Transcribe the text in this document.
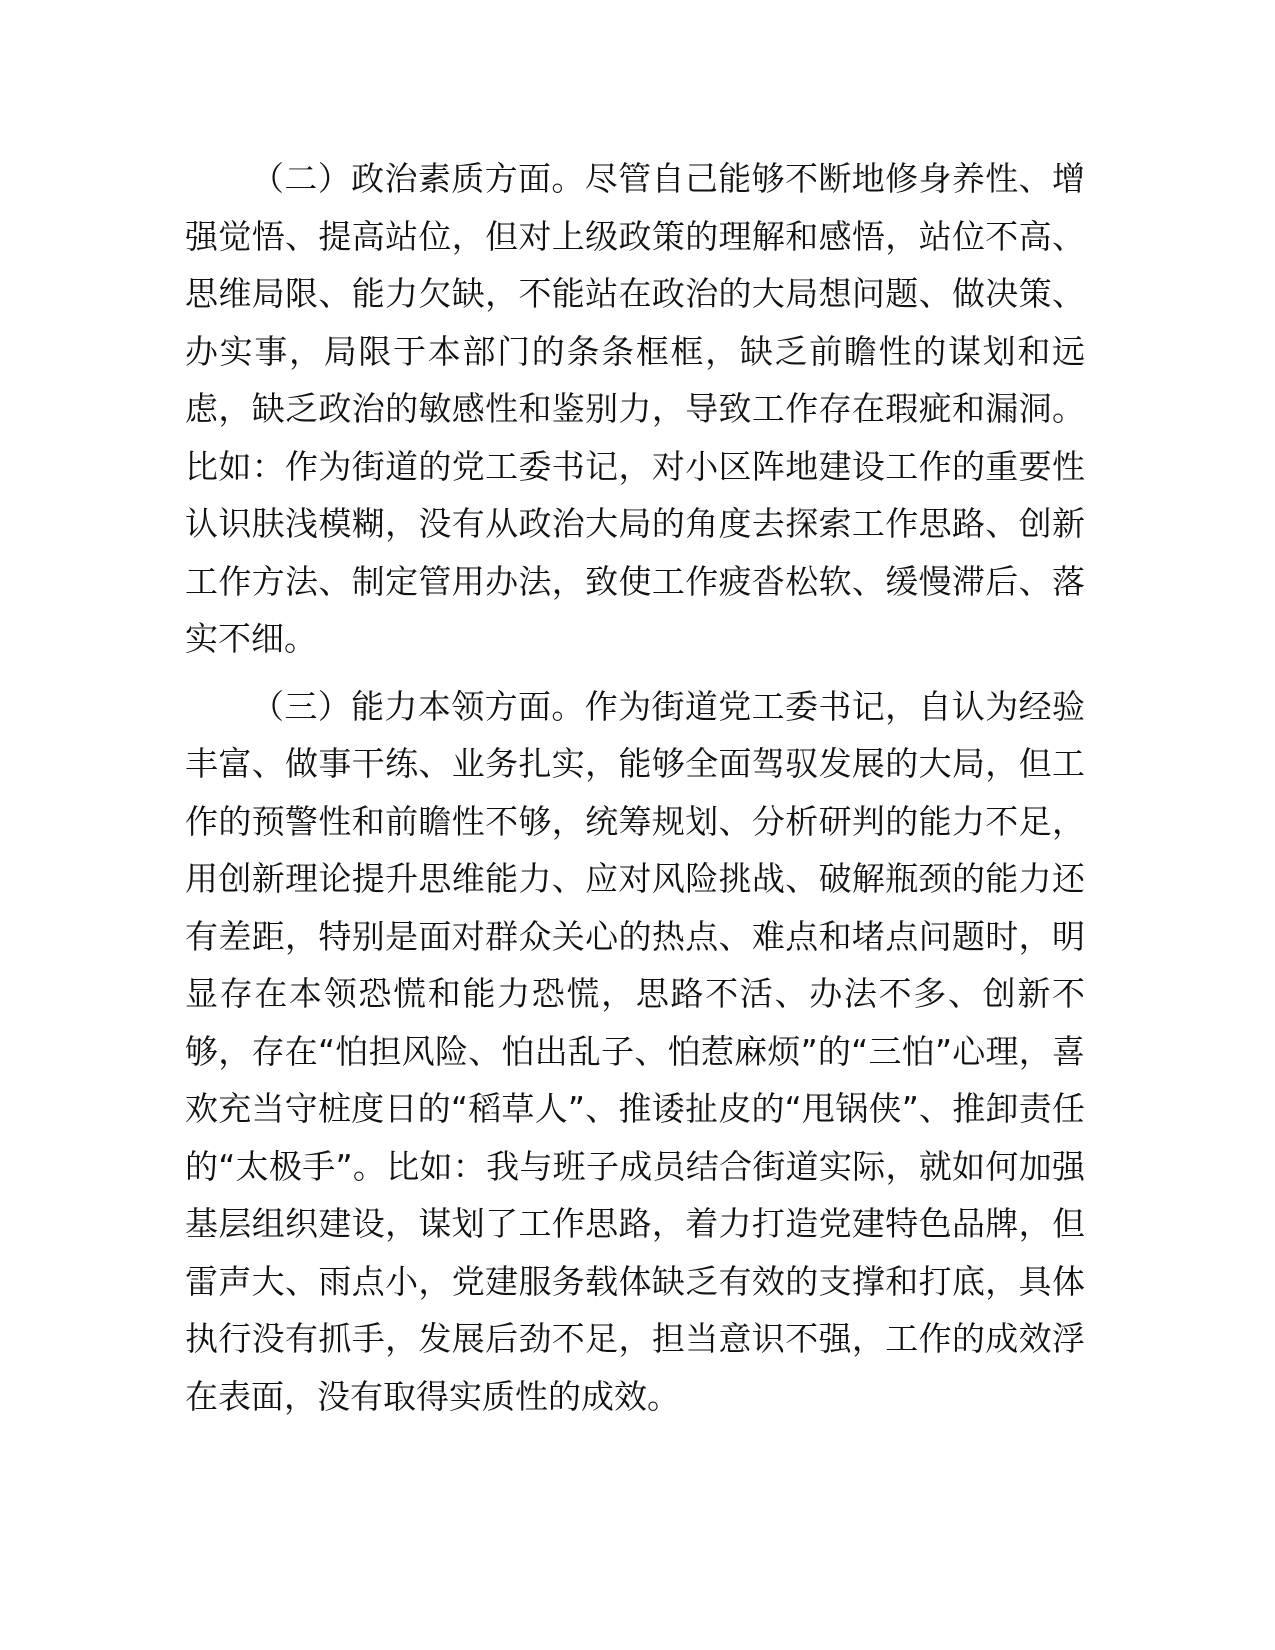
（二）政治素质方面。尽管自己能够不断地修身养性、增强觉悟、提高站位，但对上级政策的理解和感悟，站位不高、思维局限、能力欠缺，不能站在政治的大局想问题、做决策、办实事，局限于本部门的条条框框，缺乏前瞻性的谋划和远虑，缺乏政治的敏感性和鉴别力，导致工作存在瑕疵和漏洞。比如：作为街道的党工委书记，对小区阵地建设工作的重要性认识肤浅模糊，没有从政治大局的角度去探索工作思路、创新工作方法、制定管用办法，致使工作疲沓松软、缓慢滞后、落实不细。

（三）能力本领方面。作为街道党工委书记，自认为经验丰富、做事干练、业务扎实，能够全面驾驭发展的大局，但工作的预警性和前瞻性不够，统筹规划、分析研判的能力不足，用创新理论提升思维能力、应对风险挑战、破解瓶颈的能力还有差距，特别是面对群众关心的热点、难点和堵点问题时，明显存在本领恐慌和能力恐慌，思路不活、办法不多、创新不够，存在“怕担风险、怕出乱子、怕惹麻烦”的“三怕”心理，喜欢充当守桩度日的“稻草人”、推诿扯皮的“甩锅侠”、推卸责任的“太极手”。比如：我与班子成员结合街道实际，就如何加强基层组织建设，谋划了工作思路，着力打造党建特色品牌，但雷声大、雨点小，党建服务载体缺乏有效的支撑和打底，具体执行没有抓手，发展后劲不足，担当意识不强，工作的成效浮在表面，没有取得实质性的成效。
